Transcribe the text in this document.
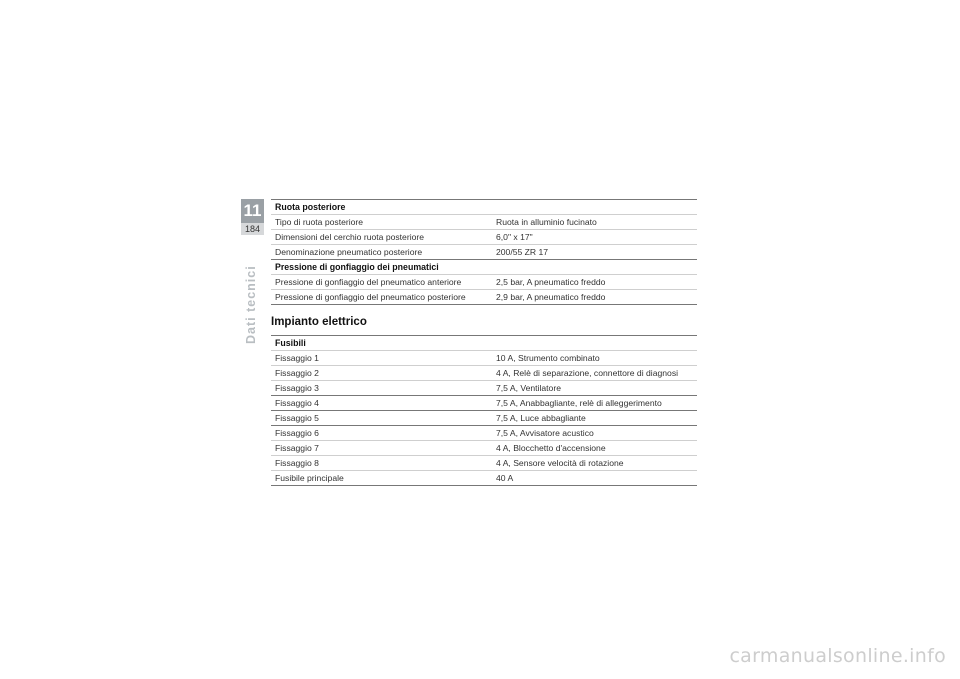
11
184
Dati tecnici
Ruota posteriore	
Tipo di ruota posteriore	Ruota in alluminio fucinato
Dimensioni del cerchio ruota posteriore	6,0" x 17"
Denominazione pneumatico posteriore	200/55 ZR 17
Pressione di gonfiaggio dei pneumatici	
Pressione di gonfiaggio del pneumatico anteriore	2,5 bar, A pneumatico freddo
Pressione di gonfiaggio del pneumatico posteriore	2,9 bar, A pneumatico freddo
Impianto elettrico
Fusibili	
Fissaggio 1	10 A, Strumento combinato
Fissaggio 2	4 A, Relè di separazione, connettore di diagnosi
Fissaggio 3	7,5 A, Ventilatore
Fissaggio 4	7,5 A, Anabbagliante, relè di alleggerimento
Fissaggio 5	7,5 A, Luce abbagliante
Fissaggio 6	7,5 A, Avvisatore acustico
Fissaggio 7	4 A, Blocchetto d'accensione
Fissaggio 8	4 A, Sensore velocità di rotazione
Fusibile principale	40 A
carmanualsonline.info
